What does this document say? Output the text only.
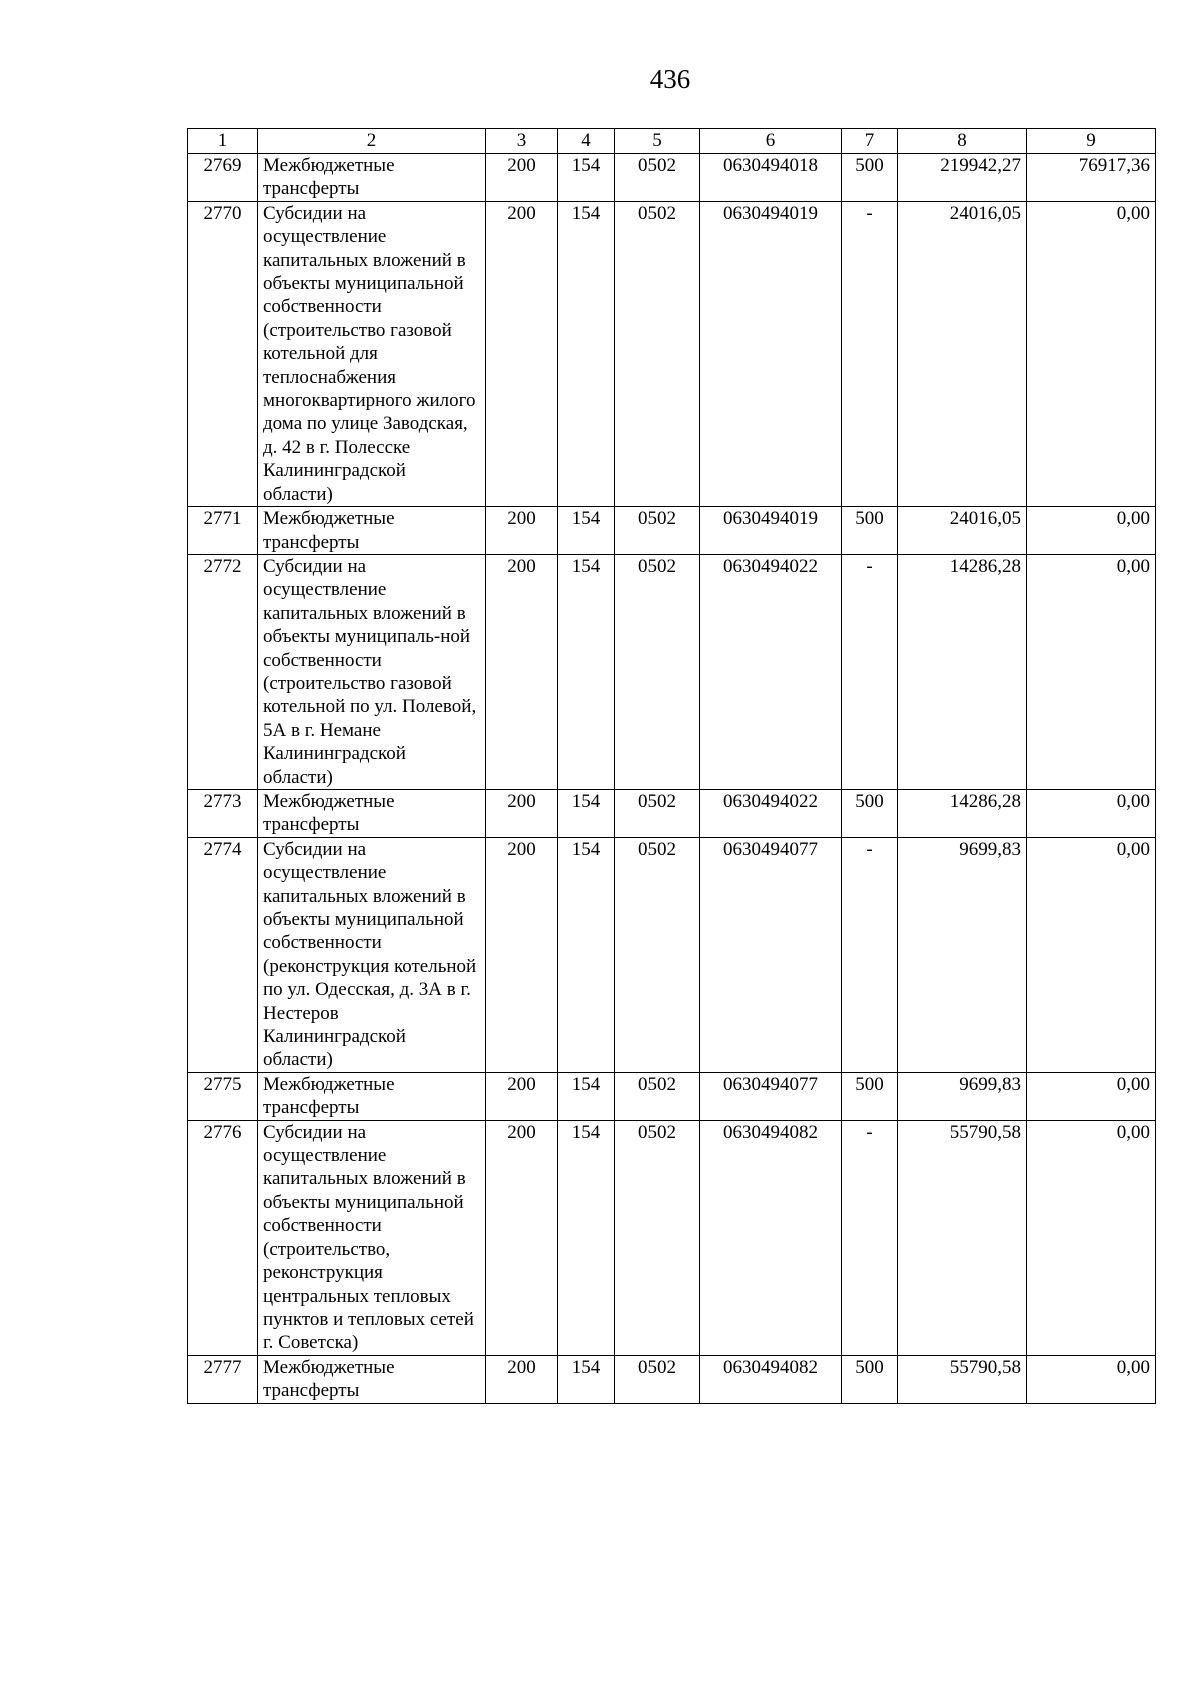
436
1	2	3	4	5	6	7	8	9
2769	Межбюджетные трансферты	200	154	0502	0630494018	500	219942,27	76917,36
2770	Субсидии на осуществление капитальных вложений в объекты муниципальной собственности (строительство газовой котельной для теплоснабжения многоквартирного жилого дома по улице Заводская, д. 42 в г. Полесске Калининградской области)	200	154	0502	0630494019	-	24016,05	0,00
2771	Межбюджетные трансферты	200	154	0502	0630494019	500	24016,05	0,00
2772	Субсидии на осуществление капитальных вложений в объекты муниципаль-ной собственности (строительство газовой котельной по ул. Полевой, 5А в г. Немане Калининградской области)	200	154	0502	0630494022	-	14286,28	0,00
2773	Межбюджетные трансферты	200	154	0502	0630494022	500	14286,28	0,00
2774	Субсидии на осуществление капитальных вложений в объекты муниципальной собственности (реконструкция котельной по ул. Одесская, д. 3А в г. Нестеров Калининградской области)	200	154	0502	0630494077	-	9699,83	0,00
2775	Межбюджетные трансферты	200	154	0502	0630494077	500	9699,83	0,00
2776	Субсидии на осуществление капитальных вложений в объекты муниципальной собственности (строительство, реконструкция центральных тепловых пунктов и тепловых сетей г. Советска)	200	154	0502	0630494082	-	55790,58	0,00
2777	Межбюджетные трансферты	200	154	0502	0630494082	500	55790,58	0,00
